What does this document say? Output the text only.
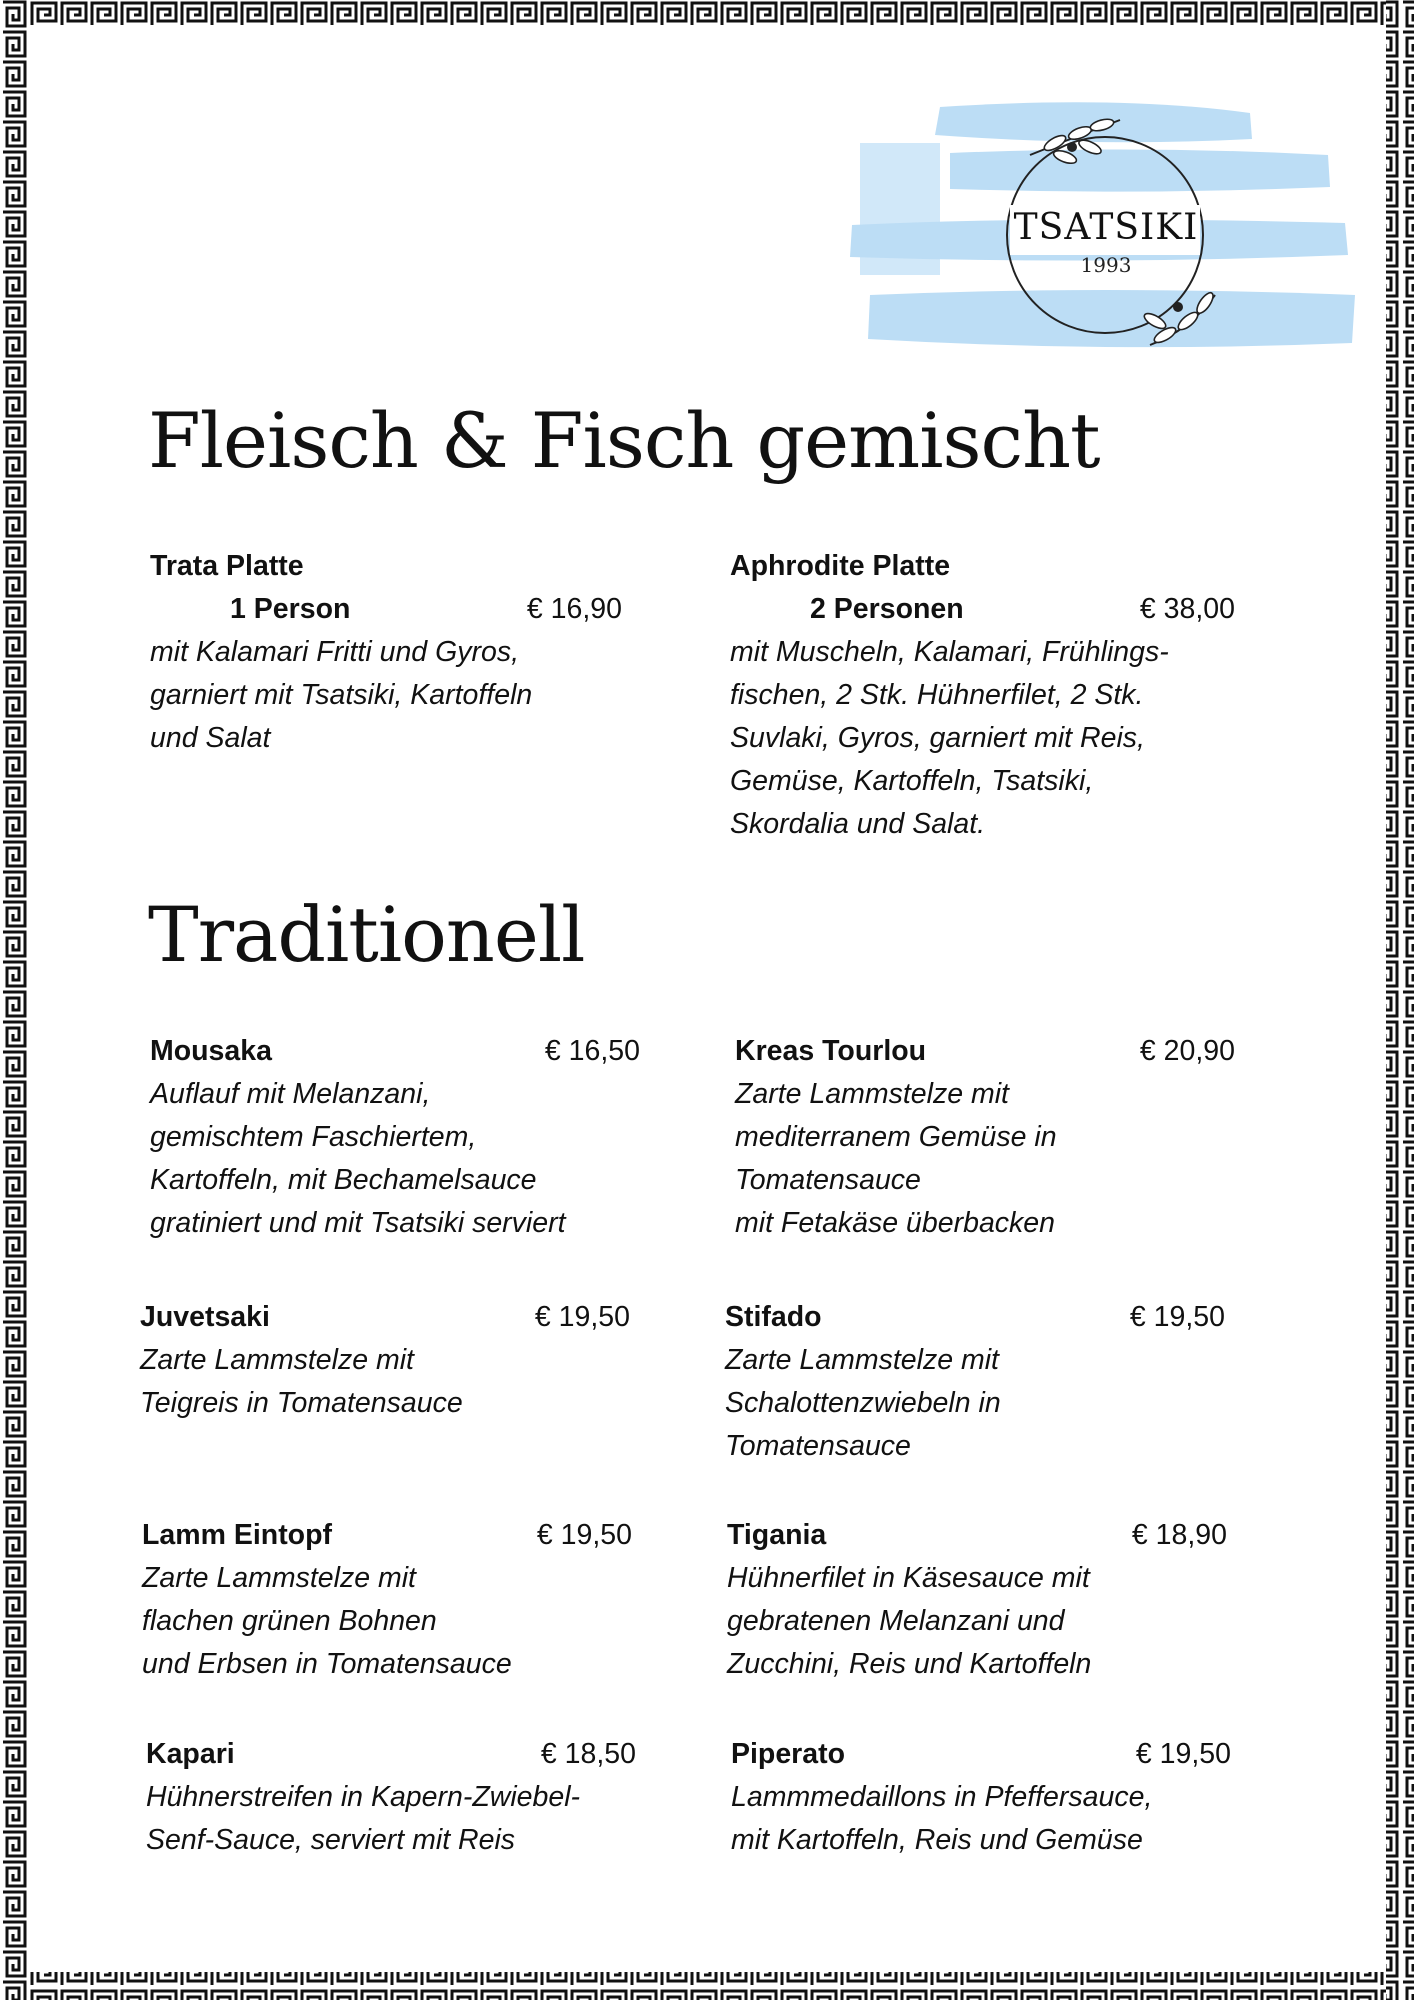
TSATSIKI
1993
Fleisch & Fisch gemischt
Trata Platte
1 Person	€ 16,90
mit Kalamari Fritti und Gyros,
garniert mit Tsatsiki, Kartoffeln
und Salat
Aphrodite Platte
2 Personen	€ 38,00
mit Muscheln, Kalamari, Frühlings-
fischen, 2 Stk. Hühnerfilet, 2 Stk.
Suvlaki, Gyros, garniert mit Reis,
Gemüse, Kartoffeln, Tsatsiki,
Skordalia und Salat.
Traditionell
Mousaka	€ 16,50
Auflauf mit Melanzani,
gemischtem Faschiertem,
Kartoffeln, mit Bechamelsauce
gratiniert und mit Tsatsiki serviert
Kreas Tourlou	€ 20,90
Zarte Lammstelze mit
mediterranem Gemüse in
Tomatensauce
mit Fetakäse überbacken
Juvetsaki	€ 19,50
Zarte Lammstelze mit
Teigreis in Tomatensauce
Stifado	€ 19,50
Zarte Lammstelze mit
Schalottenzwiebeln in
Tomatensauce
Lamm Eintopf	€ 19,50
Zarte Lammstelze mit
flachen grünen Bohnen
und Erbsen in Tomatensauce
Tigania	€ 18,90
Hühnerfilet in Käsesauce mit
gebratenen Melanzani und
Zucchini, Reis und Kartoffeln
Kapari	€ 18,50
Hühnerstreifen in Kapern-Zwiebel-
Senf-Sauce, serviert mit Reis
Piperato	€ 19,50
Lammmedaillons in Pfeffersauce,
mit Kartoffeln, Reis und Gemüse
